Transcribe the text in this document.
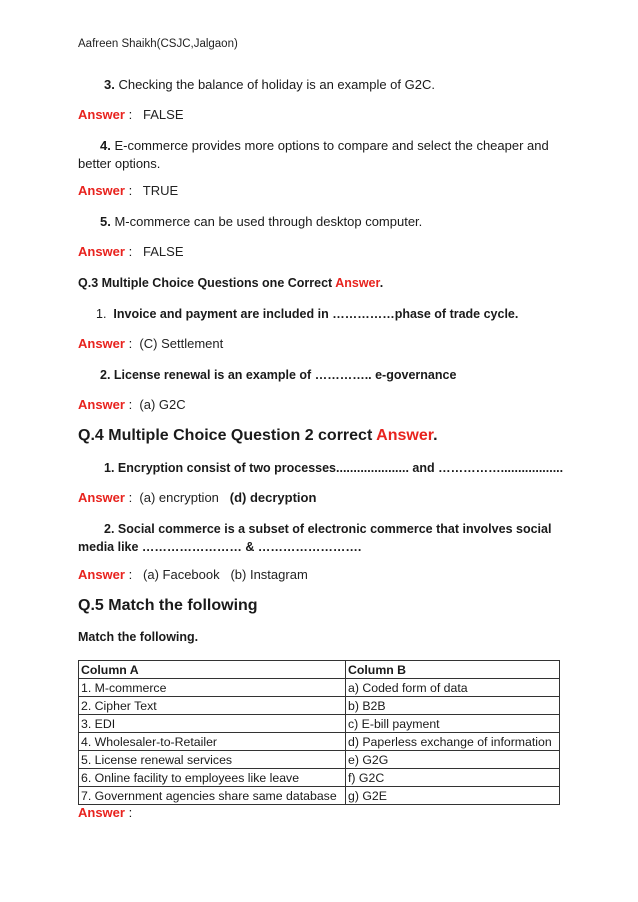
Aafreen Shaikh(CSJC,Jalgaon)
3. Checking the balance of holiday is an example of G2C.
Answer :   FALSE
4. E-commerce provides more options to compare and select the cheaper and better options.
Answer :   TRUE
5. M-commerce can be used through desktop computer.
Answer :   FALSE
Q.3 Multiple Choice Questions one Correct Answer.
1. Invoice and payment are included in ……………phase of trade cycle.
Answer :  (C) Settlement
2. License renewal is an example of ………….. e-governance
Answer :  (a) G2C
Q.4 Multiple Choice Question 2 correct Answer.
1. Encryption consist of two processes..................... and ……………..................
Answer :  (a) encryption (d) decryption
2. Social commerce is a subset of electronic commerce that involves social media like …………………… & …………………….
Answer :   (a) Facebook (b) Instagram
Q.5 Match the following
Match the following.
Column A	Column B
1. M-commerce	a) Coded form of data
2. Cipher Text	b) B2B
3. EDI	c) E-bill payment
4. Wholesaler-to-Retailer	d) Paperless exchange of information
5. License renewal services	e) G2G
6. Online facility to employees like leave	f) G2C
7. Government agencies share same database	g) G2E
Answer :
